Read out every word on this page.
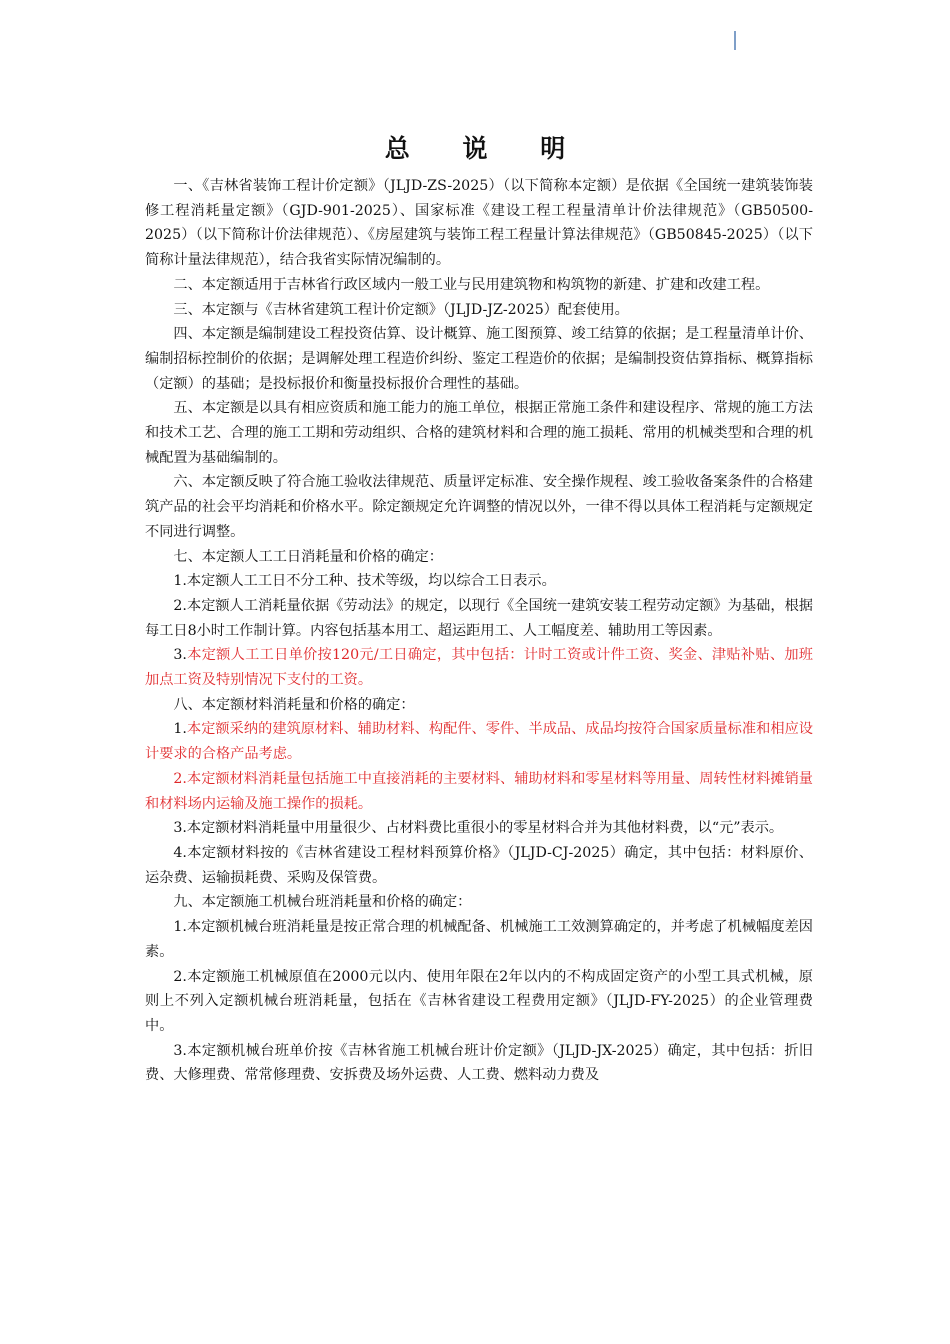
总 说 明

一、《吉林省装饰工程计价定额》（JLJD-ZS-2025）（以下简称本定额）是依据《全国统一建筑装饰装修工程消耗量定额》（GJD-901-2025）、国家标准《建设工程工程量清单计价法律规范》（GB50500-2025）（以下简称计价法律规范）、《房屋建筑与装饰工程工程量计算法律规范》（GB50845-2025）（以下简称计量法律规范），结合我省实际情况编制的。

二、本定额适用于吉林省行政区域内一般工业与民用建筑物和构筑物的新建、扩建和改建工程。

三、本定额与《吉林省建筑工程计价定额》（JLJD-JZ-2025）配套使用。

四、本定额是编制建设工程投资估算、设计概算、施工图预算、竣工结算的依据；是工程量清单计价、编制招标控制价的依据；是调解处理工程造价纠纷、鉴定工程造价的依据；是编制投资估算指标、概算指标（定额）的基础；是投标报价和衡量投标报价合理性的基础。

五、本定额是以具有相应资质和施工能力的施工单位，根据正常施工条件和建设程序、常规的施工方法和技术工艺、合理的施工工期和劳动组织、合格的建筑材料和合理的施工损耗、常用的机械类型和合理的机械配置为基础编制的。

六、本定额反映了符合施工验收法律规范、质量评定标准、安全操作规程、竣工验收备案条件的合格建筑产品的社会平均消耗和价格水平。除定额规定允许调整的情况以外，一律不得以具体工程消耗与定额规定不同进行调整。

七、本定额人工工日消耗量和价格的确定：

1.本定额人工工日不分工种、技术等级，均以综合工日表示。

2.本定额人工消耗量依据《劳动法》的规定，以现行《全国统一建筑安装工程劳动定额》为基础，根据每工日8小时工作制计算。内容包括基本用工、超运距用工、人工幅度差、辅助用工等因素。

3.本定额人工工日单价按120元/工日确定，其中包括：计时工资或计件工资、奖金、津贴补贴、加班加点工资及特别情况下支付的工资。

八、本定额材料消耗量和价格的确定：

1.本定额采纳的建筑原材料、辅助材料、构配件、零件、半成品、成品均按符合国家质量标准和相应设计要求的合格产品考虑。

2.本定额材料消耗量包括施工中直接消耗的主要材料、辅助材料和零星材料等用量、周转性材料摊销量和材料场内运输及施工操作的损耗。

3.本定额材料消耗量中用量很少、占材料费比重很小的零星材料合并为其他材料费，以“元”表示。

4.本定额材料按的《吉林省建设工程材料预算价格》（JLJD-CJ-2025）确定，其中包括：材料原价、运杂费、运输损耗费、采购及保管费。

九、本定额施工机械台班消耗量和价格的确定：

1.本定额机械台班消耗量是按正常合理的机械配备、机械施工工效测算确定的，并考虑了机械幅度差因素。

2.本定额施工机械原值在2000元以内、使用年限在2年以内的不构成固定资产的小型工具式机械，原则上不列入定额机械台班消耗量，包括在《吉林省建设工程费用定额》（JLJD-FY-2025）的企业管理费中。

3.本定额机械台班单价按《吉林省施工机械台班计价定额》（JLJD-JX-2025）确定，其中包括：折旧费、大修理费、常常修理费、安拆费及场外运费、人工费、燃料动力费及
